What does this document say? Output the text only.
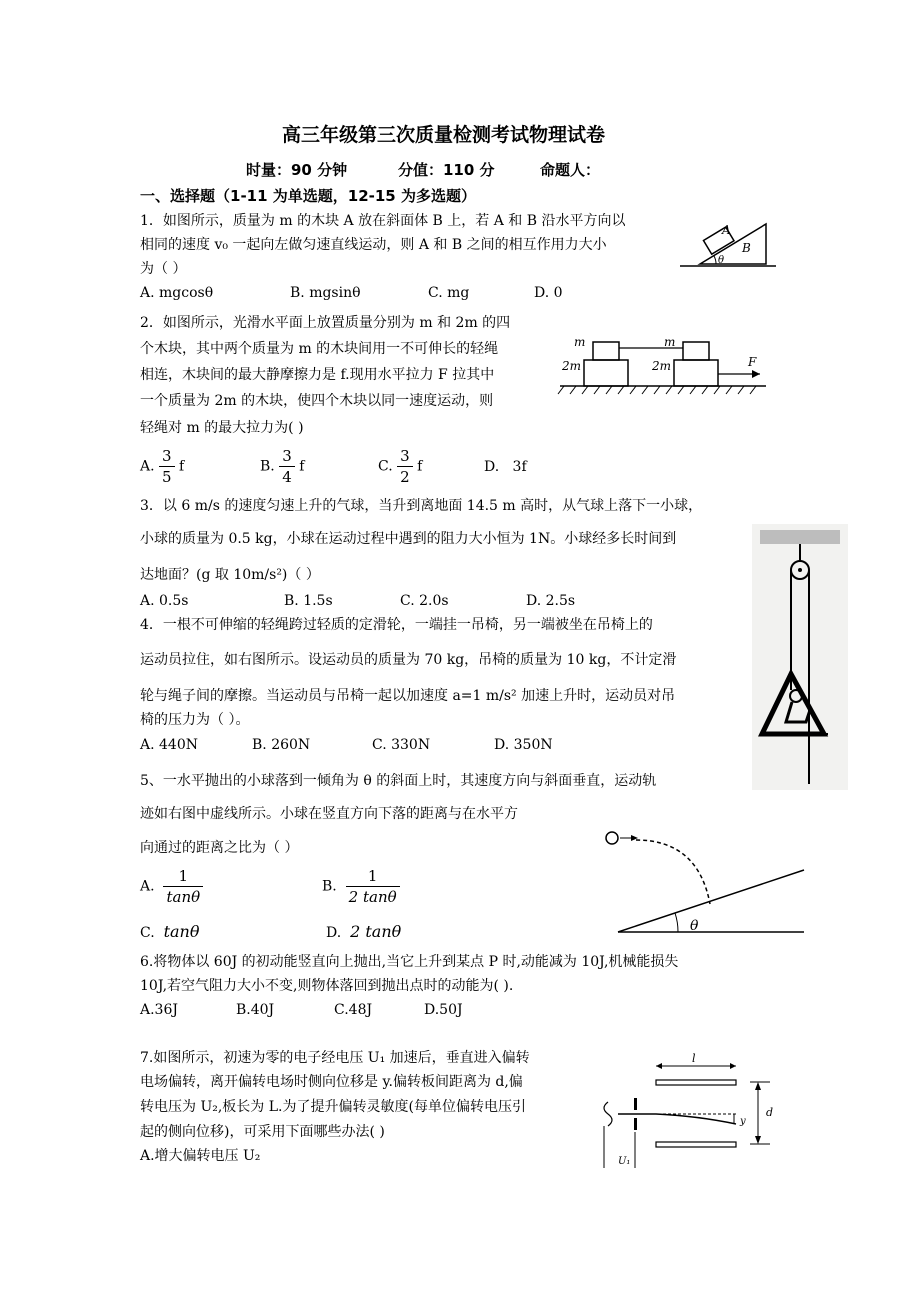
高三年级第三次质量检测考试物理试卷
时量：90 分钟	分值：110 分	命题人：
一、选择题（1-11 为单选题，12-15 为多选题）
1．如图所示，质量为 m 的木块 A 放在斜面体 B 上，若 A 和 B 沿水平方向以
相同的速度 v₀ 一起向左做匀速直线运动，则 A 和 B 之间的相互作用力大小
为（ ）
A. mgcosθ	B. mgsinθ	C. mg	D. 0
A
B
θ
2．如图所示，光滑水平面上放置质量分别为 m 和 2m 的四
个木块，其中两个质量为 m 的木块间用一不可伸长的轻绳
相连，木块间的最大静摩擦力是 f.现用水平拉力 F 拉其中
一个质量为 2m 的木块，使四个木块以同一速度运动，则
轻绳对 m 的最大拉力为( )
A. $\frac{3}{5}$ f	B. $\frac{3}{4}$ f	C. $\frac{3}{2}$ f	D. 3f
m	m
2m	2m	F
3．以 6 m/s 的速度匀速上升的气球，当升到离地面 14.5 m 高时，从气球上落下一小球，
小球的质量为 0.5 kg，小球在运动过程中遇到的阻力大小恒为 1N。小球经多长时间到
达地面？(g 取 10m/s²)（ ）
A. 0.5s	B. 1.5s	C. 2.0s	D. 2.5s
4．一根不可伸缩的轻绳跨过轻质的定滑轮，一端挂一吊椅，另一端被坐在吊椅上的
运动员拉住，如右图所示。设运动员的质量为 70 kg，吊椅的质量为 10 kg，不计定滑
轮与绳子间的摩擦。当运动员与吊椅一起以加速度 a=1 m/s² 加速上升时，运动员对吊
椅的压力为（ ）。
A. 440N	B. 260N	C. 330N	D. 350N
5、一水平抛出的小球落到一倾角为 θ 的斜面上时，其速度方向与斜面垂直，运动轨
迹如右图中虚线所示。小球在竖直方向下落的距离与在水平方
向通过的距离之比为（ ）
A. $\frac{1}{\tan\theta}$	B. $\frac{1}{2 \tan\theta}$
C. tanθ	D. 2 tanθ	θ
6.将物体以 60J 的初动能竖直向上抛出,当它上升到某点 P 时,动能减为 10J,机械能损失
10J,若空气阻力大小不变,则物体落回到抛出点时的动能为( ).
A.36J	B.40J	C.48J	D.50J
7.如图所示，初速为零的电子经电压 U₁ 加速后，垂直进入偏转
电场偏转，离开偏转电场时侧向位移是 y.偏转板间距离为 d,偏
转电压为 U₂,板长为 L.为了提升偏转灵敏度(每单位偏转电压引
起的侧向位移)，可采用下面哪些办法( )
A.增大偏转电压 U₂
l
d
y
U₁
